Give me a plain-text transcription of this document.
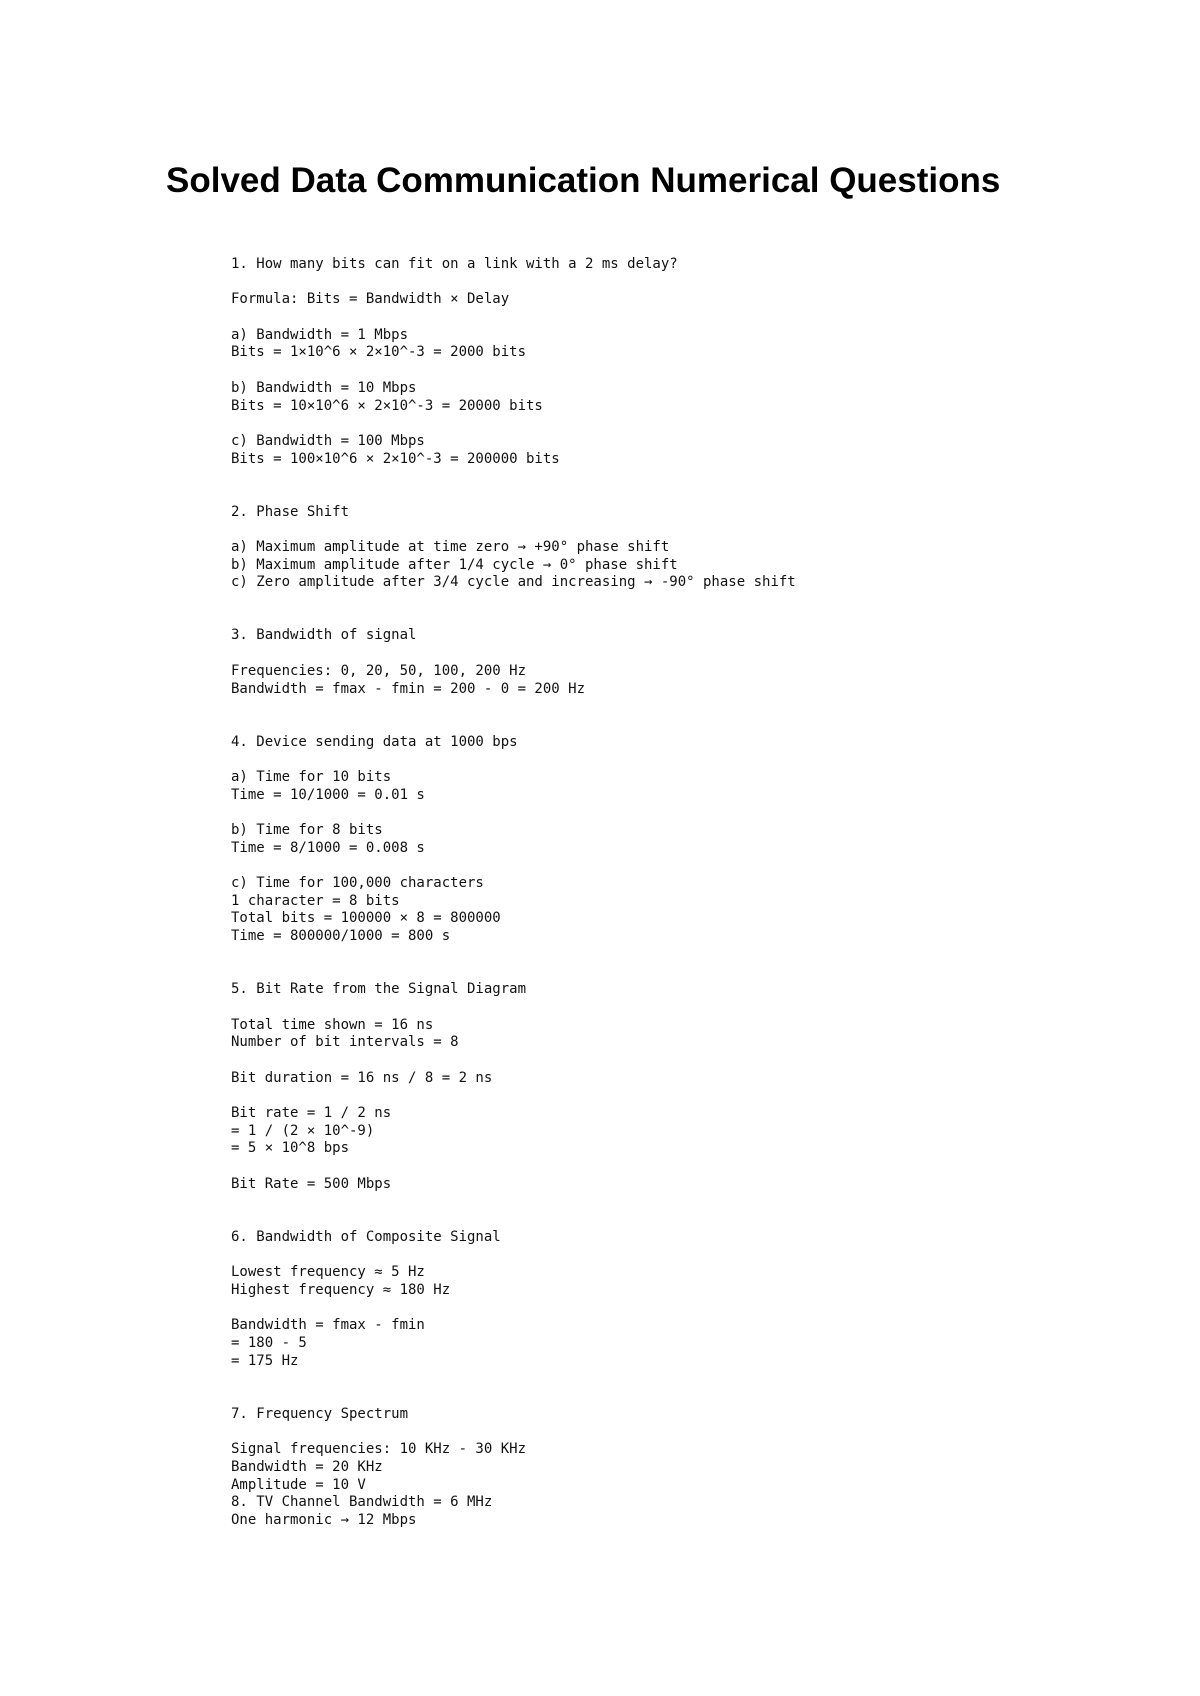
Solved Data Communication Numerical Questions
1. How many bits can fit on a link with a 2 ms delay?
Formula: Bits = Bandwidth × Delay
a) Bandwidth = 1 Mbps
Bits = 1×10^6 × 2×10^-3 = 2000 bits
b) Bandwidth = 10 Mbps
Bits = 10×10^6 × 2×10^-3 = 20000 bits
c) Bandwidth = 100 Mbps
Bits = 100×10^6 × 2×10^-3 = 200000 bits
2. Phase Shift
a) Maximum amplitude at time zero → +90° phase shift
b) Maximum amplitude after 1/4 cycle → 0° phase shift
c) Zero amplitude after 3/4 cycle and increasing → -90° phase shift
3. Bandwidth of signal
Frequencies: 0, 20, 50, 100, 200 Hz
Bandwidth = fmax - fmin = 200 - 0 = 200 Hz
4. Device sending data at 1000 bps
a) Time for 10 bits
Time = 10/1000 = 0.01 s
b) Time for 8 bits
Time = 8/1000 = 0.008 s
c) Time for 100,000 characters
1 character = 8 bits
Total bits = 100000 × 8 = 800000
Time = 800000/1000 = 800 s
5. Bit Rate from the Signal Diagram
Total time shown = 16 ns
Number of bit intervals = 8
Bit duration = 16 ns / 8 = 2 ns
Bit rate = 1 / 2 ns
= 1 / (2 × 10^-9)
= 5 × 10^8 bps
Bit Rate = 500 Mbps
6. Bandwidth of Composite Signal
Lowest frequency ≈ 5 Hz
Highest frequency ≈ 180 Hz
Bandwidth = fmax - fmin
= 180 - 5
= 175 Hz
7. Frequency Spectrum
Signal frequencies: 10 KHz - 30 KHz
Bandwidth = 20 KHz
Amplitude = 10 V
8. TV Channel Bandwidth = 6 MHz
One harmonic → 12 Mbps
